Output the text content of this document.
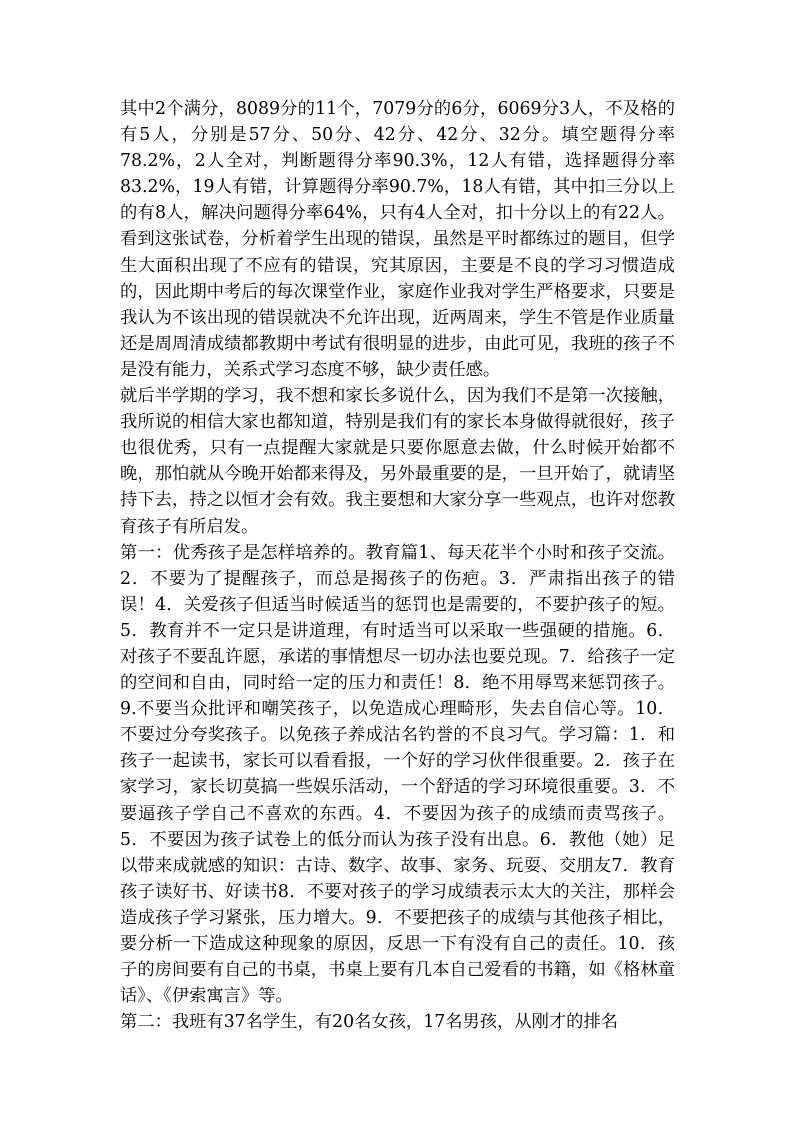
其中2个满分，8089分的11个，7079分的6分，6069分3人，不及格的有5人，分别是57分、50分、42分、42分、32分。填空题得分率78.2%，2人全对，判断题得分率90.3%，12人有错，选择题得分率83.2%，19人有错，计算题得分率90.7%，18人有错，其中扣三分以上的有8人，解决问题得分率64%，只有4人全对，扣十分以上的有22人。看到这张试卷，分析着学生出现的错误，虽然是平时都练过的题目，但学生大面积出现了不应有的错误，究其原因，主要是不良的学习习惯造成的，因此期中考后的每次课堂作业，家庭作业我对学生严格要求，只要是我认为不该出现的错误就决不允许出现，近两周来，学生不管是作业质量还是周周清成绩都教期中考试有很明显的进步，由此可见，我班的孩子不是没有能力，关系式学习态度不够，缺少责任感。

就后半学期的学习，我不想和家长多说什么，因为我们不是第一次接触，我所说的相信大家也都知道，特别是我们有的家长本身做得就很好，孩子也很优秀，只有一点提醒大家就是只要你愿意去做，什么时候开始都不晚，那怕就从今晚开始都来得及，另外最重要的是，一旦开始了，就请坚持下去，持之以恒才会有效。我主要想和大家分享一些观点，也许对您教育孩子有所启发。

第一：优秀孩子是怎样培养的。教育篇1、每天花半个小时和孩子交流。2．不要为了提醒孩子，而总是揭孩子的伤疤。3．严肃指出孩子的错误！4．关爱孩子但适当时候适当的惩罚也是需要的，不要护孩子的短。5．教育并不一定只是讲道理，有时适当可以采取一些强硬的措施。6．对孩子不要乱许愿，承诺的事情想尽一切办法也要兑现。7．给孩子一定的空间和自由，同时给一定的压力和责任！8．绝不用辱骂来惩罚孩子。9.不要当众批评和嘲笑孩子，以免造成心理畸形，失去自信心等。10．不要过分夸奖孩子。以免孩子养成沽名钓誉的不良习气。学习篇：1．和孩子一起读书，家长可以看看报，一个好的学习伙伴很重要。2．孩子在家学习，家长切莫搞一些娱乐活动，一个舒适的学习环境很重要。3．不要逼孩子学自己不喜欢的东西。4．不要因为孩子的成绩而责骂孩子。5．不要因为孩子试卷上的低分而认为孩子没有出息。6．教他（她）足以带来成就感的知识：古诗、数字、故事、家务、玩耍、交朋友7．教育孩子读好书、好读书8．不要对孩子的学习成绩表示太大的关注，那样会造成孩子学习紧张，压力增大。9．不要把孩子的成绩与其他孩子相比，要分析一下造成这种现象的原因，反思一下有没有自己的责任。10．孩子的房间要有自己的书桌，书桌上要有几本自己爱看的书籍，如《格林童话》、《伊索寓言》等。

第二：我班有37名学生，有20名女孩，17名男孩，从刚才的排名
